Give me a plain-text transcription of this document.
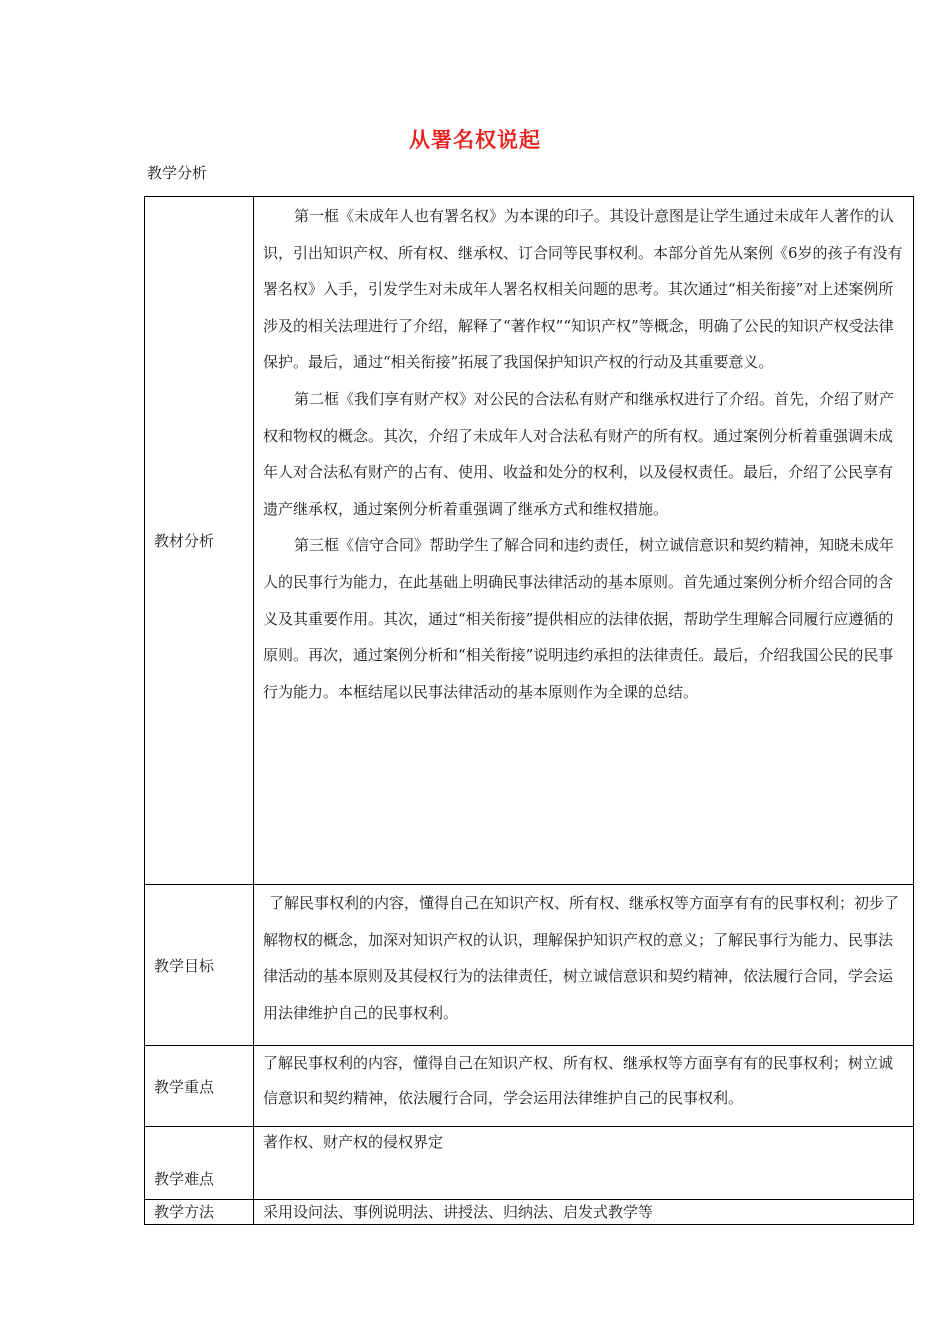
从署名权说起
教学分析
教材分析	第一框《未成年人也有署名权》为本课的印子。其设计意图是让学生通过未成年人著作的认识，引出知识产权、所有权、继承权、订合同等民事权利。本部分首先从案例《6岁的孩子有没有署名权》入手，引发学生对未成年人署名权相关问题的思考。其次通过“相关衔接”对上述案例所涉及的相关法理进行了介绍，解释了“著作权”“知识产权”等概念，明确了公民的知识产权受法律保护。最后，通过“相关衔接”拓展了我国保护知识产权的行动及其重要意义。

第二框《我们享有财产权》对公民的合法私有财产和继承权进行了介绍。首先，介绍了财产权和物权的概念。其次，介绍了未成年人对合法私有财产的所有权。通过案例分析着重强调未成年人对合法私有财产的占有、使用、收益和处分的权利，以及侵权责任。最后，介绍了公民享有遗产继承权，通过案例分析着重强调了继承方式和维权措施。

第三框《信守合同》帮助学生了解合同和违约责任，树立诚信意识和契约精神，知晓未成年人的民事行为能力，在此基础上明确民事法律活动的基本原则。首先通过案例分析介绍合同的含义及其重要作用。其次，通过“相关衔接”提供相应的法律依据，帮助学生理解合同履行应遵循的原则。再次，通过案例分析和“相关衔接”说明违约承担的法律责任。最后，介绍我国公民的民事行为能力。本框结尾以民事法律活动的基本原则作为全课的总结。

教学目标	了解民事权利的内容，懂得自己在知识产权、所有权、继承权等方面享有有的民事权利；初步了解物权的概念，加深对知识产权的认识，理解保护知识产权的意义；了解民事行为能力、民事法律活动的基本原则及其侵权行为的法律责任，树立诚信意识和契约精神，依法履行合同，学会运用法律维护自己的民事权利。

教学重点	了解民事权利的内容，懂得自己在知识产权、所有权、继承权等方面享有有的民事权利；树立诚信意识和契约精神，依法履行合同，学会运用法律维护自己的民事权利。

教学难点	著作权、财产权的侵权界定

教学方法	采用设问法、事例说明法、讲授法、归纳法、启发式教学等
